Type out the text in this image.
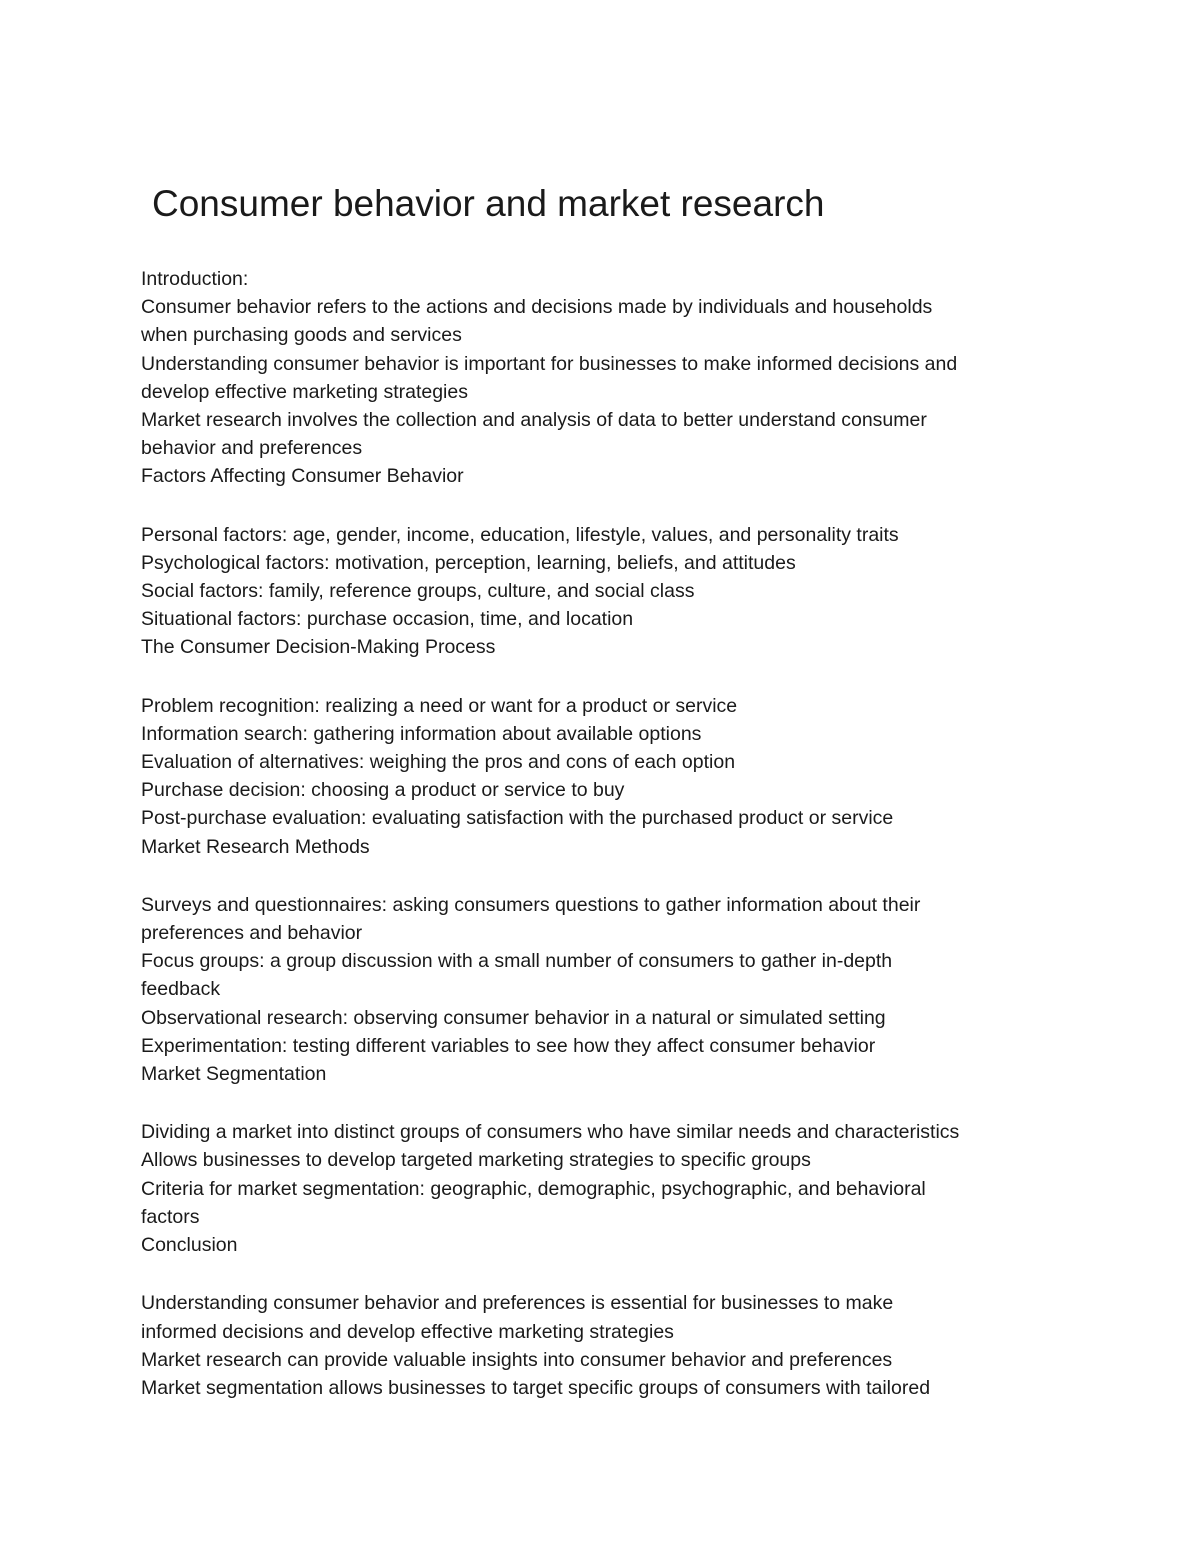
Consumer behavior and market research
Introduction:
Consumer behavior refers to the actions and decisions made by individuals and households
when purchasing goods and services
Understanding consumer behavior is important for businesses to make informed decisions and
develop effective marketing strategies
Market research involves the collection and analysis of data to better understand consumer
behavior and preferences
Factors Affecting Consumer Behavior
Personal factors: age, gender, income, education, lifestyle, values, and personality traits
Psychological factors: motivation, perception, learning, beliefs, and attitudes
Social factors: family, reference groups, culture, and social class
Situational factors: purchase occasion, time, and location
The Consumer Decision-Making Process
Problem recognition: realizing a need or want for a product or service
Information search: gathering information about available options
Evaluation of alternatives: weighing the pros and cons of each option
Purchase decision: choosing a product or service to buy
Post-purchase evaluation: evaluating satisfaction with the purchased product or service
Market Research Methods
Surveys and questionnaires: asking consumers questions to gather information about their
preferences and behavior
Focus groups: a group discussion with a small number of consumers to gather in-depth
feedback
Observational research: observing consumer behavior in a natural or simulated setting
Experimentation: testing different variables to see how they affect consumer behavior
Market Segmentation
Dividing a market into distinct groups of consumers who have similar needs and characteristics
Allows businesses to develop targeted marketing strategies to specific groups
Criteria for market segmentation: geographic, demographic, psychographic, and behavioral
factors
Conclusion
Understanding consumer behavior and preferences is essential for businesses to make
informed decisions and develop effective marketing strategies
Market research can provide valuable insights into consumer behavior and preferences
Market segmentation allows businesses to target specific groups of consumers with tailored
